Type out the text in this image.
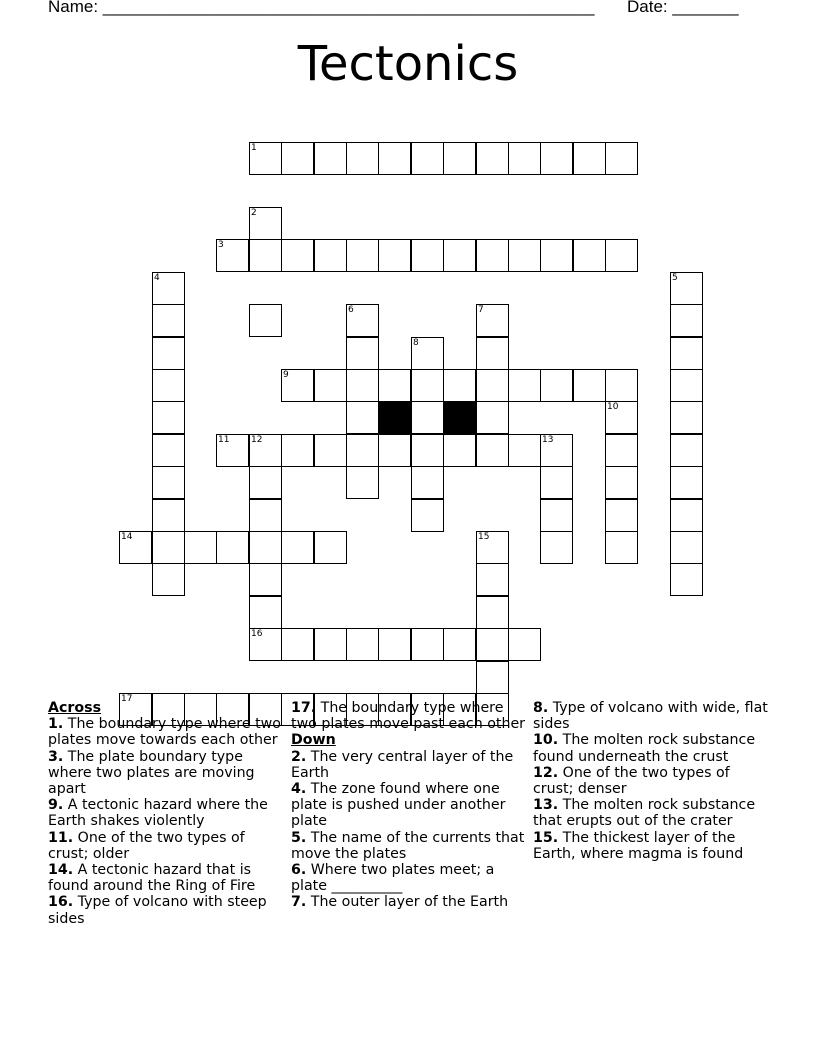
Name: ____________________________________________________ Date: _______
Tectonics
1
2
3
4	5
6	7
8
9
10
11 12	13
14	15
16
17
Across
1. The boundary type where two plates move towards each other
3. The plate boundary type where two plates are moving apart
9. A tectonic hazard where the Earth shakes violently
11. One of the two types of crust; older
14. A tectonic hazard that is found around the Ring of Fire
16. Type of volcano with steep sides
17. The boundary type where two plates move past each other
Down
2. The very central layer of the Earth
4. The zone found where one plate is pushed under another plate
5. The name of the currents that move the plates
6. Where two plates meet; a plate __________
7. The outer layer of the Earth
8. Type of volcano with wide, flat sides
10. The molten rock substance found underneath the crust
12. One of the two types of crust; denser
13. The molten rock substance that erupts out of the crater
15. The thickest layer of the Earth, where magma is found
